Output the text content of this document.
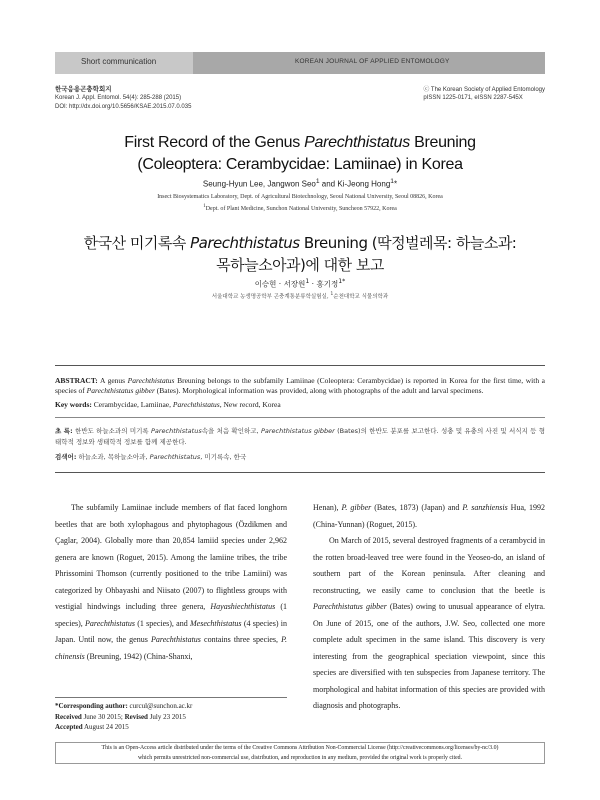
Short communication	KOREAN JOURNAL OF APPLIED ENTOMOLOGY
한국응용곤충학회지
Korean J. Appl. Entomol. 54(4): 285-288 (2015)
DOI: http://dx.doi.org/10.5656/KSAE.2015.07.0.035
ⓒ The Korean Society of Applied Entomology
pISSN 1225-0171, eISSN 2287-545X
First Record of the Genus Parechthistatus Breuning
(Coleoptera: Cerambycidae: Lamiinae) in Korea
Seung-Hyun Lee, Jangwon Seo$^1$ and Ki-Jeong Hong$^1$*
Insect Biosystematics Laboratory, Dept. of Agricultural Biotechnology, Seoul National University, Seoul 08826, Korea
$^1$Dept. of Plant Medicine, Sunchon National University, Suncheon 57922, Korea
한국산 미기록속 Parechthistatus Breuning (딱정벌레목: 하늘소과:
목하늘소아과)에 대한 보고
이승현 · 서장원$^1$ · 홍기정$^{1*}$
서울대학교 농생명공학부 곤충계통분류학실험실, $^1$순천대학교 식물의학과
ABSTRACT: A genus Parechthistatus Breuning belongs to the subfamily Lamiinae (Coleoptera: Cerambycidae) is reported in Korea for the first time, with a species of Parechthistatus gibber (Bates). Morphological information was provided, along with photographs of the adult and larval specimens.
Key words: Cerambycidae, Lamiinae, Parechthistatus, New record, Korea
초 록: 한반도 하늘소과의 미기록 Parechthistatus속을 처음 확인하고, Parechthistatus gibber (Bates)의 한반도 분포를 보고한다. 성충 및 유충의 사진 및 서식지 등 형태학적 정보와 생태학적 정보를 함께 제공한다.
검색어: 하늘소과, 목하늘소아과, Parechthistatus, 미기록속, 한국

The subfamily Lamiinae include members of flat faced longhorn beetles that are both xylophagous and phytophagous (Özdikmen and Çaglar, 2004). Globally more than 20,854 lamiid species under 2,962 genera are known (Roguet, 2015). Among the lamiine tribes, the tribe Phrissomini Thomson (currently positioned to the tribe Lamiini) was categorized by Ohbayashi and Niisato (2007) to flightless groups with vestigial hindwings including three genera, Hayashiechthistatus (1 species), Parechthistatus (1 species), and Mesechthistatus (4 species) in Japan. Until now, the genus Parechthistatus contains three species, P. chinensis (Breuning, 1942) (China-Shanxi,

Henan), P. gibber (Bates, 1873) (Japan) and P. sanzhiensis Hua, 1992 (China-Yunnan) (Roguet, 2015).

On March of 2015, several destroyed fragments of a cerambycid in the rotten broad-leaved tree were found in the Yeoseo-do, an island of southern part of the Korean peninsula. After cleaning and reconstructing, we easily came to conclusion that the beetle is Parechthistatus gibber (Bates) owing to unusual appearance of elytra. On June of 2015, one of the authors, J.W. Seo, collected one more complete adult specimen in the same island. This discovery is very interesting from the geographical speciation viewpoint, since this species are diversified with ten subspecies from Japanese territory. The morphological and habitat information of this species are provided with diagnosis and photographs.

*Corresponding author: curcul@sunchon.ac.kr
Received June 30 2015; Revised July 23 2015
Accepted August 24 2015
This is an Open-Access article distributed under the terms of the Creative Commons Attribution Non-Commercial License (http://creativecommons.org/licenses/by-nc/3.0)
which permits unrestricted non-commercial use, distribution, and reproduction in any medium, provided the original work is properly cited.
